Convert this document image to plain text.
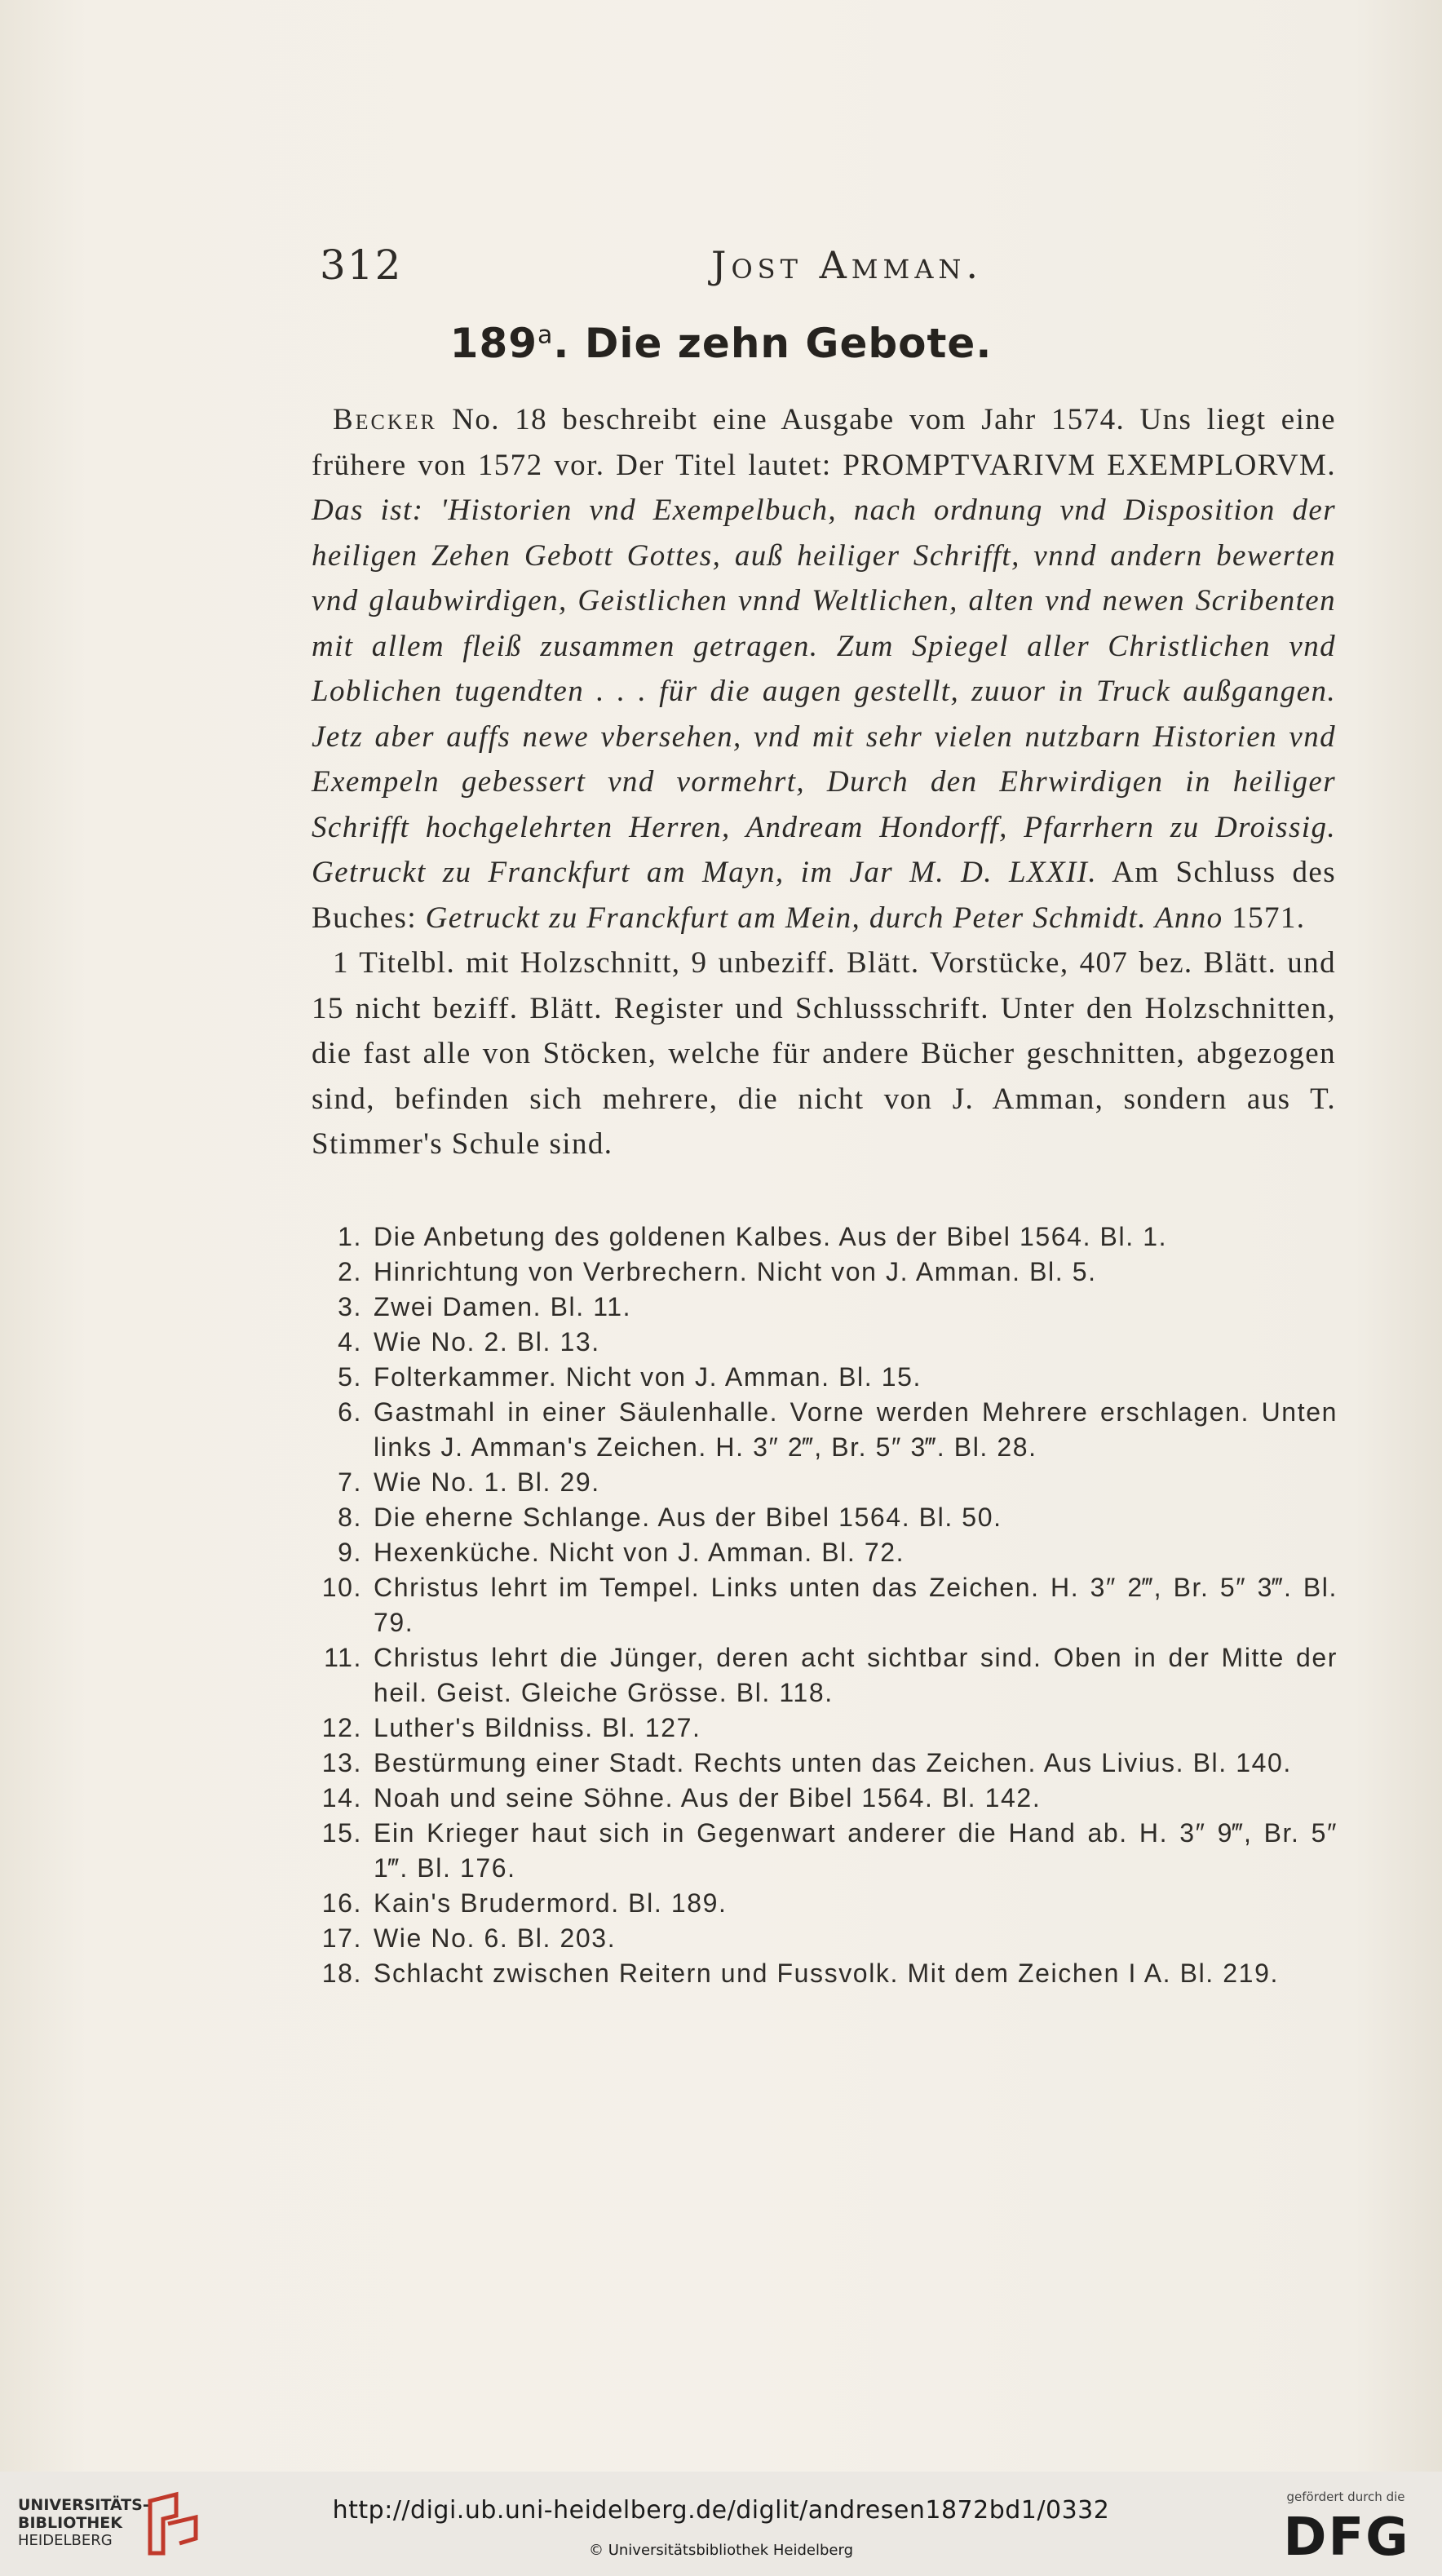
312	Jost Amman.
189$^a$. Die zehn Gebote.

Becker No. 18 beschreibt eine Ausgabe vom Jahr 1574. Uns liegt eine frühere von 1572 vor. Der Titel lautet: PROMPTVARIVM EXEMPLORVM. Das ist: 'Historien vnd Exempelbuch, nach ordnung vnd Disposition der heiligen Zehen Gebott Gottes, auß heiliger Schrifft, vnnd andern bewerten vnd glaubwirdigen, Geistlichen vnnd Weltlichen, alten vnd newen Scribenten mit allem fleiß zusammen getragen. Zum Spiegel aller Christlichen vnd Loblichen tugendten . . . für die augen gestellt, zuuor in Truck außgangen. Jetz aber auffs newe vbersehen, vnd mit sehr vielen nutzbarn Historien vnd Exempeln gebessert vnd vormehrt, Durch den Ehrwirdigen in heiliger Schrifft hochgelehrten Herren, Andream Hondorff, Pfarrhern zu Droissig. Getruckt zu Franckfurt am Mayn, im Jar M. D. LXXII. Am Schluss des Buches: Getruckt zu Franckfurt am Mein, durch Peter Schmidt. Anno 1571.

1 Titelbl. mit Holzschnitt, 9 unbeziff. Blätt. Vorstücke, 407 bez. Blätt. und 15 nicht beziff. Blätt. Register und Schlussschrift. Unter den Holzschnitten, die fast alle von Stöcken, welche für andere Bücher geschnitten, abgezogen sind, befinden sich mehrere, die nicht von J. Amman, sondern aus T. Stimmer's Schule sind.

1. Die Anbetung des goldenen Kalbes. Aus der Bibel 1564. Bl. 1.
2. Hinrichtung von Verbrechern. Nicht von J. Amman. Bl. 5.
3. Zwei Damen. Bl. 11.
4. Wie No. 2. Bl. 13.
5. Folterkammer. Nicht von J. Amman. Bl. 15.
6. Gastmahl in einer Säulenhalle. Vorne werden Mehrere erschlagen. Unten links J. Amman's Zeichen. H. 3″ 2‴, Br. 5″ 3‴. Bl. 28.
7. Wie No. 1. Bl. 29.
8. Die eherne Schlange. Aus der Bibel 1564. Bl. 50.
9. Hexenküche. Nicht von J. Amman. Bl. 72.
10. Christus lehrt im Tempel. Links unten das Zeichen. H. 3″ 2‴, Br. 5″ 3‴. Bl. 79.
11. Christus lehrt die Jünger, deren acht sichtbar sind. Oben in der Mitte der heil. Geist. Gleiche Grösse. Bl. 118.
12. Luther's Bildniss. Bl. 127.
13. Bestürmung einer Stadt. Rechts unten das Zeichen. Aus Livius. Bl. 140.
14. Noah und seine Söhne. Aus der Bibel 1564. Bl. 142.
15. Ein Krieger haut sich in Gegenwart anderer die Hand ab. H. 3″ 9‴, Br. 5″ 1‴. Bl. 176.
16. Kain's Brudermord. Bl. 189.
17. Wie No. 6. Bl. 203.
18. Schlacht zwischen Reitern und Fussvolk. Mit dem Zeichen I A. Bl. 219.
UNIVERSITÄTS-
BIBLIOTHEK
HEIDELBERG
http://digi.ub.uni-heidelberg.de/diglit/andresen1872bd1/0332
© Universitätsbibliothek Heidelberg
gefördert durch die
DFG
